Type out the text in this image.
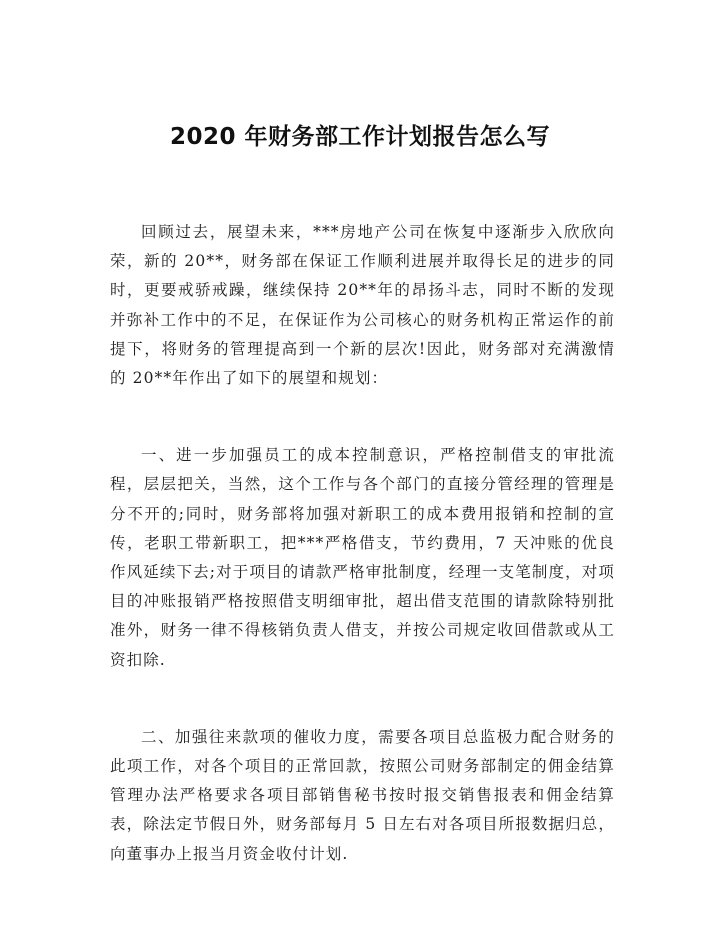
2020 年财务部工作计划报告怎么写

回顾过去，展望未来，***房地产公司在恢复中逐渐步入欣欣向荣，新的 20**，财务部在保证工作顺利进展并取得长足的进步的同时，更要戒骄戒躁，继续保持 20**年的昂扬斗志，同时不断的发现并弥补工作中的不足，在保证作为公司核心的财务机构正常运作的前提下，将财务的管理提高到一个新的层次!因此，财务部对充满激情的 20**年作出了如下的展望和规划：

一、进一步加强员工的成本控制意识，严格控制借支的审批流程，层层把关，当然，这个工作与各个部门的直接分管经理的管理是分不开的;同时，财务部将加强对新职工的成本费用报销和控制的宣传，老职工带新职工，把***严格借支，节约费用，7 天冲账的优良作风延续下去;对于项目的请款严格审批制度，经理一支笔制度，对项目的冲账报销严格按照借支明细审批，超出借支范围的请款除特别批准外，财务一律不得核销负责人借支，并按公司规定收回借款或从工资扣除.

二、加强往来款项的催收力度，需要各项目总监极力配合财务的此项工作，对各个项目的正常回款，按照公司财务部制定的佣金结算管理办法严格要求各项目部销售秘书按时报交销售报表和佣金结算表，除法定节假日外，财务部每月 5 日左右对各项目所报数据归总，向董事办上报当月资金收付计划.
